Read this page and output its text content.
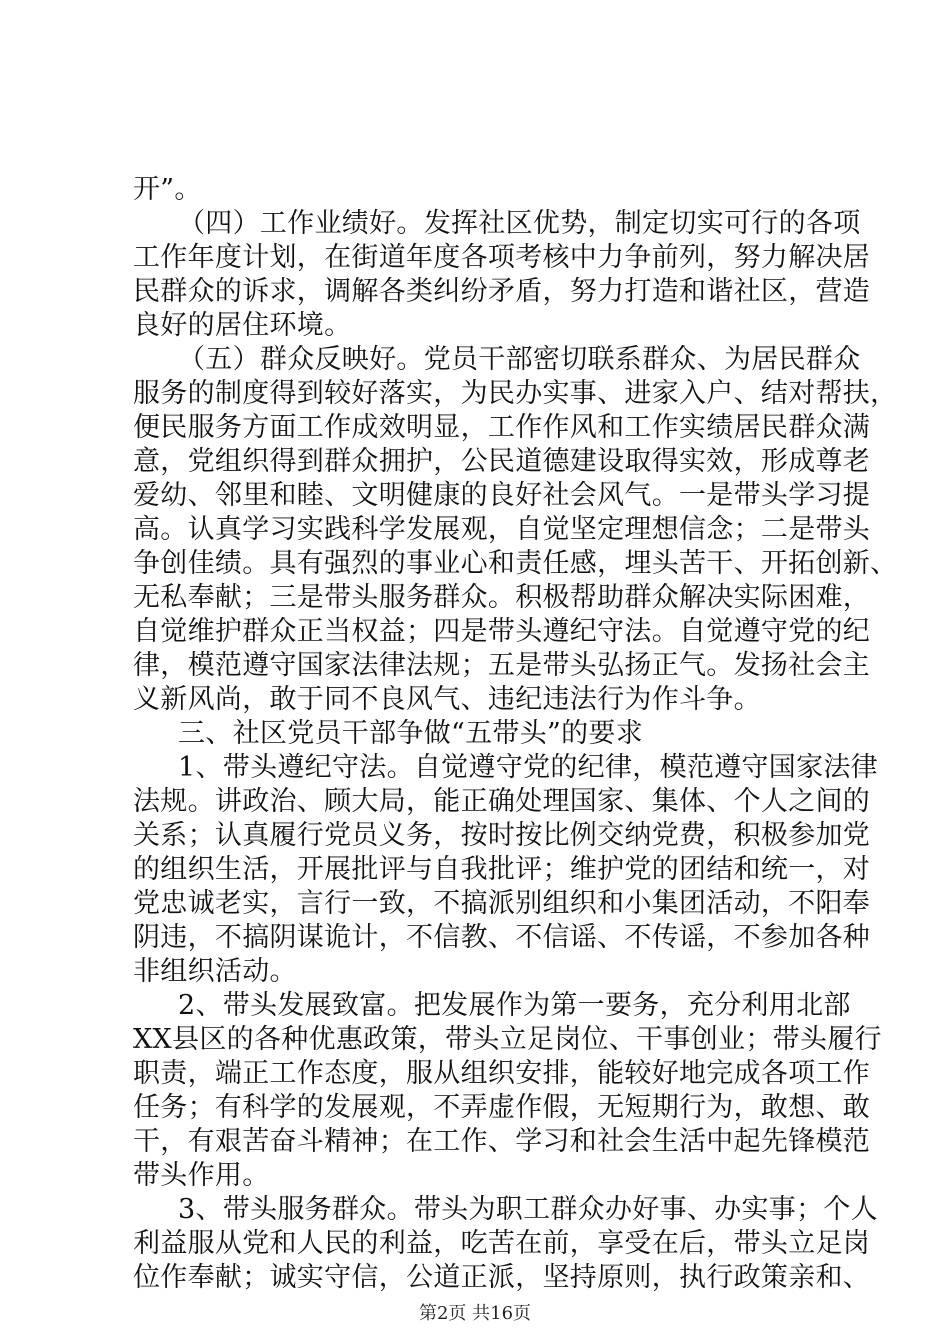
开”。
（四）工作业绩好。发挥社区优势，制定切实可行的各项
工作年度计划，在街道年度各项考核中力争前列，努力解决居
民群众的诉求，调解各类纠纷矛盾，努力打造和谐社区，营造
良好的居住环境。
（五）群众反映好。党员干部密切联系群众、为居民群众
服务的制度得到较好落实，为民办实事、进家入户、结对帮扶，
便民服务方面工作成效明显，工作作风和工作实绩居民群众满
意，党组织得到群众拥护，公民道德建设取得实效，形成尊老
爱幼、邻里和睦、文明健康的良好社会风气。一是带头学习提
高。认真学习实践科学发展观，自觉坚定理想信念；二是带头
争创佳绩。具有强烈的事业心和责任感，埋头苦干、开拓创新、
无私奉献；三是带头服务群众。积极帮助群众解决实际困难，
自觉维护群众正当权益；四是带头遵纪守法。自觉遵守党的纪
律，模范遵守国家法律法规；五是带头弘扬正气。发扬社会主
义新风尚，敢于同不良风气、违纪违法行为作斗争。
三、社区党员干部争做“五带头”的要求
1、带头遵纪守法。自觉遵守党的纪律，模范遵守国家法律
法规。讲政治、顾大局，能正确处理国家、集体、个人之间的
关系；认真履行党员义务，按时按比例交纳党费，积极参加党
的组织生活，开展批评与自我批评；维护党的团结和统一，对
党忠诚老实，言行一致，不搞派别组织和小集团活动，不阳奉
阴违，不搞阴谋诡计，不信教、不信谣、不传谣，不参加各种
非组织活动。
2、带头发展致富。把发展作为第一要务，充分利用北部
XX县区的各种优惠政策，带头立足岗位、干事创业；带头履行
职责，端正工作态度，服从组织安排，能较好地完成各项工作
任务；有科学的发展观，不弄虚作假，无短期行为，敢想、敢
干，有艰苦奋斗精神；在工作、学习和社会生活中起先锋模范
带头作用。
3、带头服务群众。带头为职工群众办好事、办实事；个人
利益服从党和人民的利益，吃苦在前，享受在后，带头立足岗
位作奉献；诚实守信，公道正派，坚持原则，执行政策亲和、
第2页 共16页
